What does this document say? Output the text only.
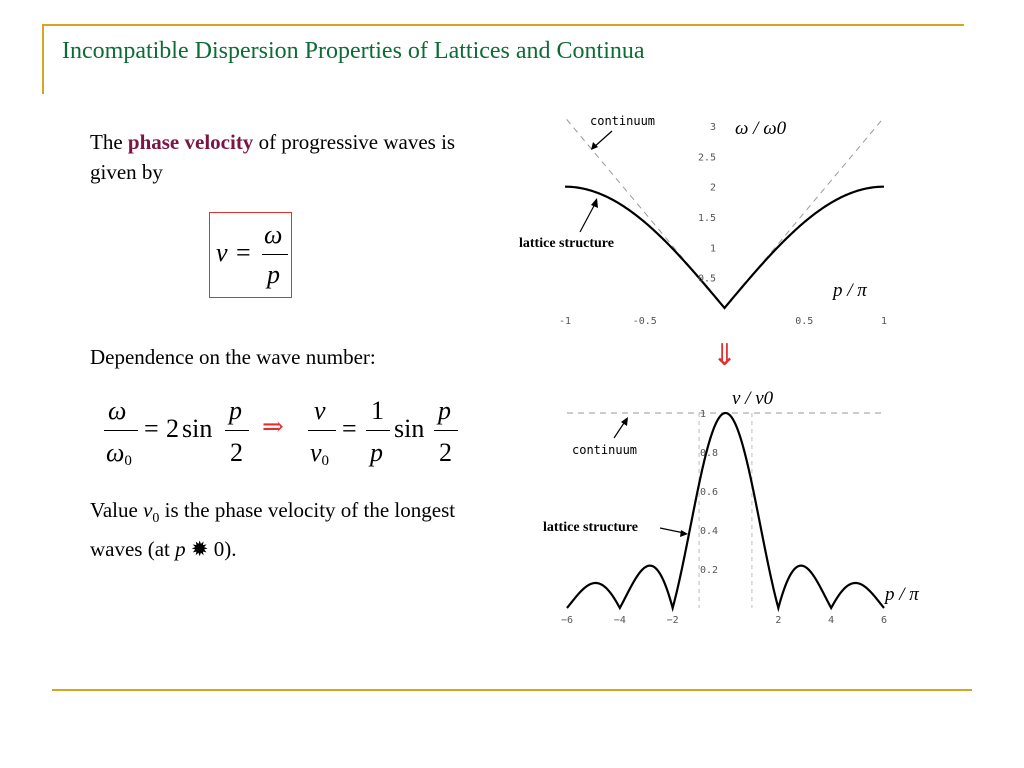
Incompatible Dispersion Properties of Lattices and Continua
The phase velocity of progressive waves is given by
v =
ω
p
Dependence on the wave number:
ω
$\omega_0$
= 2 sin
p
2
⇒
v
$v_0$
=
1
p
sin
p
2
Value $v_0$ is the phase velocity of the longest waves (at p ✹ 0).
-1	-0.5	0.5	1
0.5
1
1.5
2
2.5
3
continuum
lattice structure
ω / ω0
p / π
⇓
−6	−4	−2	2	4	6
0.2
0.4
0.6
0.8
1
continuum
lattice structure
v / v0
p / π
